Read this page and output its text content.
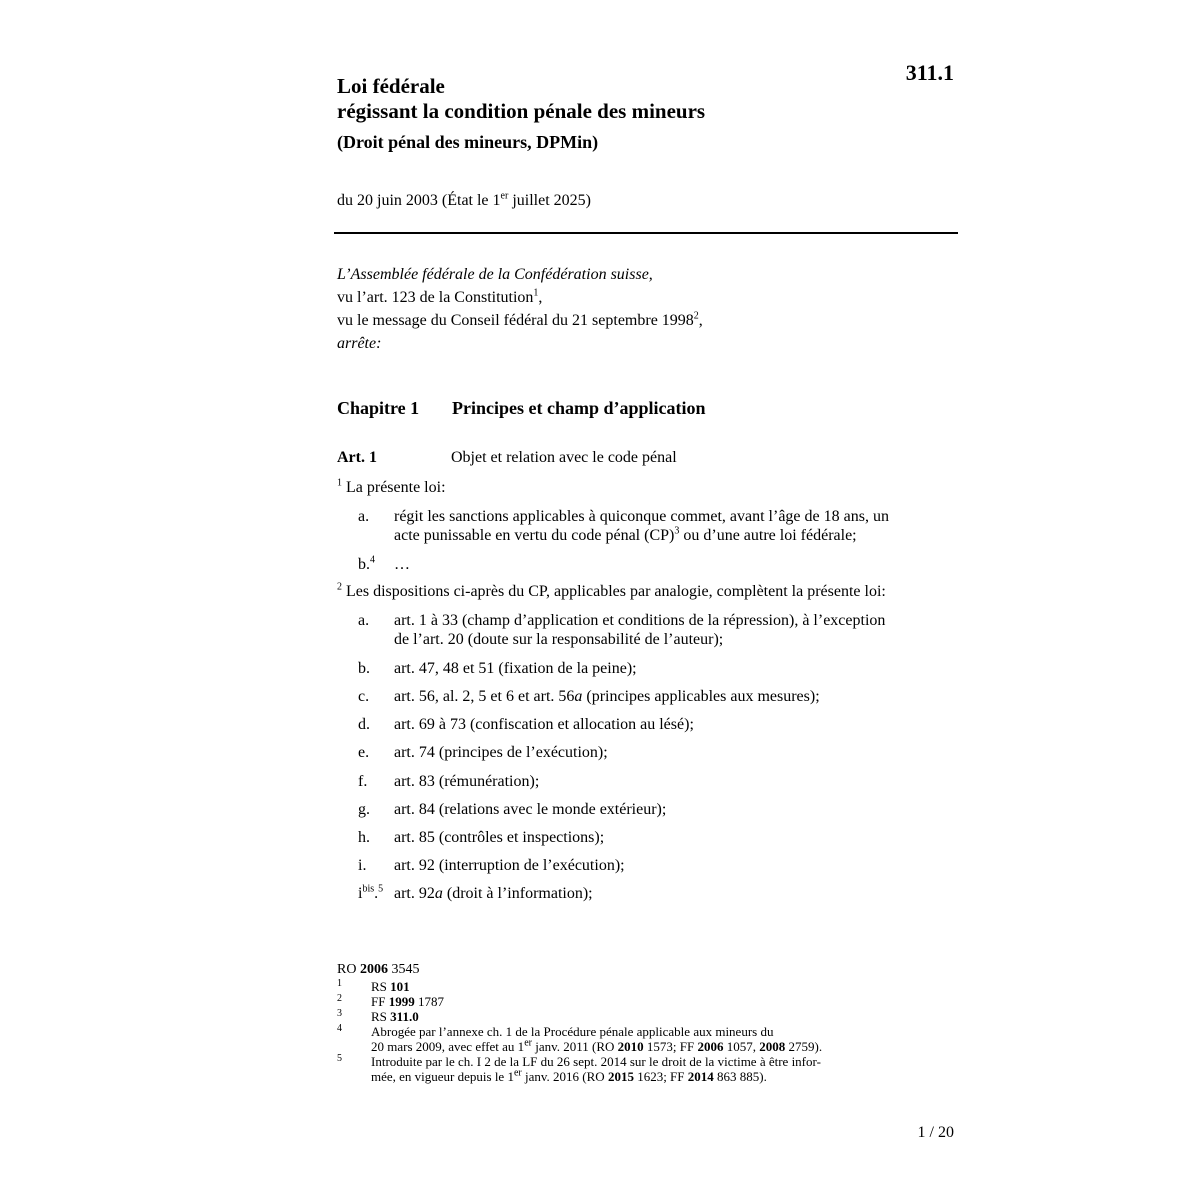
311.1
Loi fédérale
régissant la condition pénale des mineurs
(Droit pénal des mineurs, DPMin)
du 20 juin 2003 (État le 1er juillet 2025)
L’Assemblée fédérale de la Confédération suisse,
vu l’art. 123 de la Constitution$^1$,
vu le message du Conseil fédéral du 21 septembre 1998$^2$,
arrête:
Chapitre 1 Principes et champ d’application
Art. 1	Objet et relation avec le code pénal
$^1$ La présente loi:
a. régit les sanctions applicables à quiconque commet, avant l’âge de 18 ans, un
acte punissable en vertu du code pénal (CP)$^3$ ou d’une autre loi fédérale;
b.$^4$ …
$^2$ Les dispositions ci-après du CP, applicables par analogie, complètent la présente loi:
a. art. 1 à 33 (champ d’application et conditions de la répression), à l’exception
de l’art. 20 (doute sur la responsabilité de l’auteur);
b. art. 47, 48 et 51 (fixation de la peine);
c. art. 56, al. 2, 5 et 6 et art. 56a (principes applicables aux mesures);
d. art. 69 à 73 (confiscation et allocation au lésé);
e. art. 74 (principes de l’exécution);
f. art. 83 (rémunération);
g. art. 84 (relations avec le monde extérieur);
h. art. 85 (contrôles et inspections);
i. art. 92 (interruption de l’exécution);
$i^{bis}.^5$ art. 92a (droit à l’information);
RO 2006 3545
1 RS 101
2 FF 1999 1787
3 RS 311.0
4 Abrogée par l’annexe ch. 1 de la Procédure pénale applicable aux mineurs du
20 mars 2009, avec effet au 1er janv. 2011 (RO 2010 1573; FF 2006 1057, 2008 2759).
5 Introduite par le ch. I 2 de la LF du 26 sept. 2014 sur le droit de la victime à être infor-
mée, en vigueur depuis le 1er janv. 2016 (RO 2015 1623; FF 2014 863 885).
1 / 20
